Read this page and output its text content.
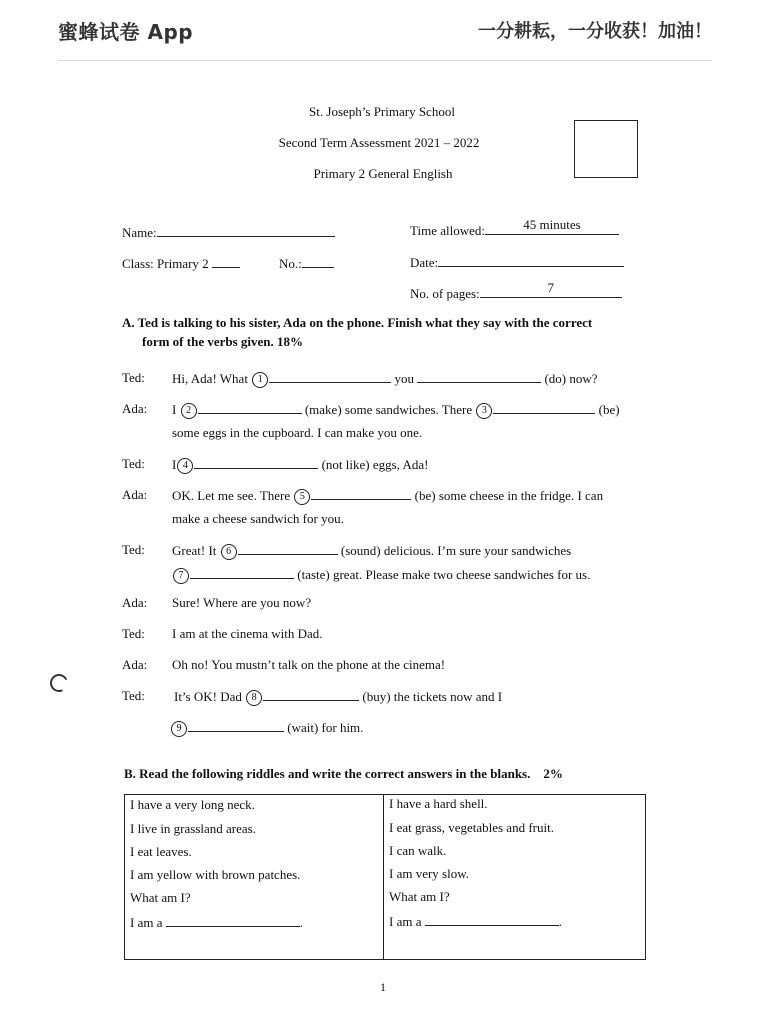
蜜蜂试卷 App	一分耕耘，一分收获！加油！
St. Joseph’s Primary School
Second Term Assessment 2021 – 2022
Primary 2 General English
Name:
Class: Primary 2	No.:
Time allowed:	45 minutes
Date:
No. of pages:	7
A. Ted is talking to his sister, Ada on the phone. Finish what they say with the correct
form of the verbs given. 18%
Ted: Hi, Ada! What 1	you	(do) now?
Ada: I 2	(make) some sandwiches. There 3	(be)
some eggs in the cupboard. I can make you one.
Ted: I 4	(not like) eggs, Ada!
Ada: OK. Let me see. There 5	(be) some cheese in the fridge. I can
make a cheese sandwich for you.
Ted: Great! It 6	(sound) delicious. I’m sure your sandwiches
7	(taste) great. Please make two cheese sandwiches for us.
Ada: Sure! Where are you now?
Ted: I am at the cinema with Dad.
Ada: Oh no! You mustn’t talk on the phone at the cinema!
Ted: It’s OK! Dad 8	(buy) the tickets now and I
9	(wait) for him.
B. Read the following riddles and write the correct answers in the blanks. 2%
I have a very long neck.
I live in grassland areas.
I eat leaves.
I am yellow with brown patches.
What am I?
I am a	.
I have a hard shell.
I eat grass, vegetables and fruit.
I can walk.
I am very slow.
What am I?
I am a	.
1
